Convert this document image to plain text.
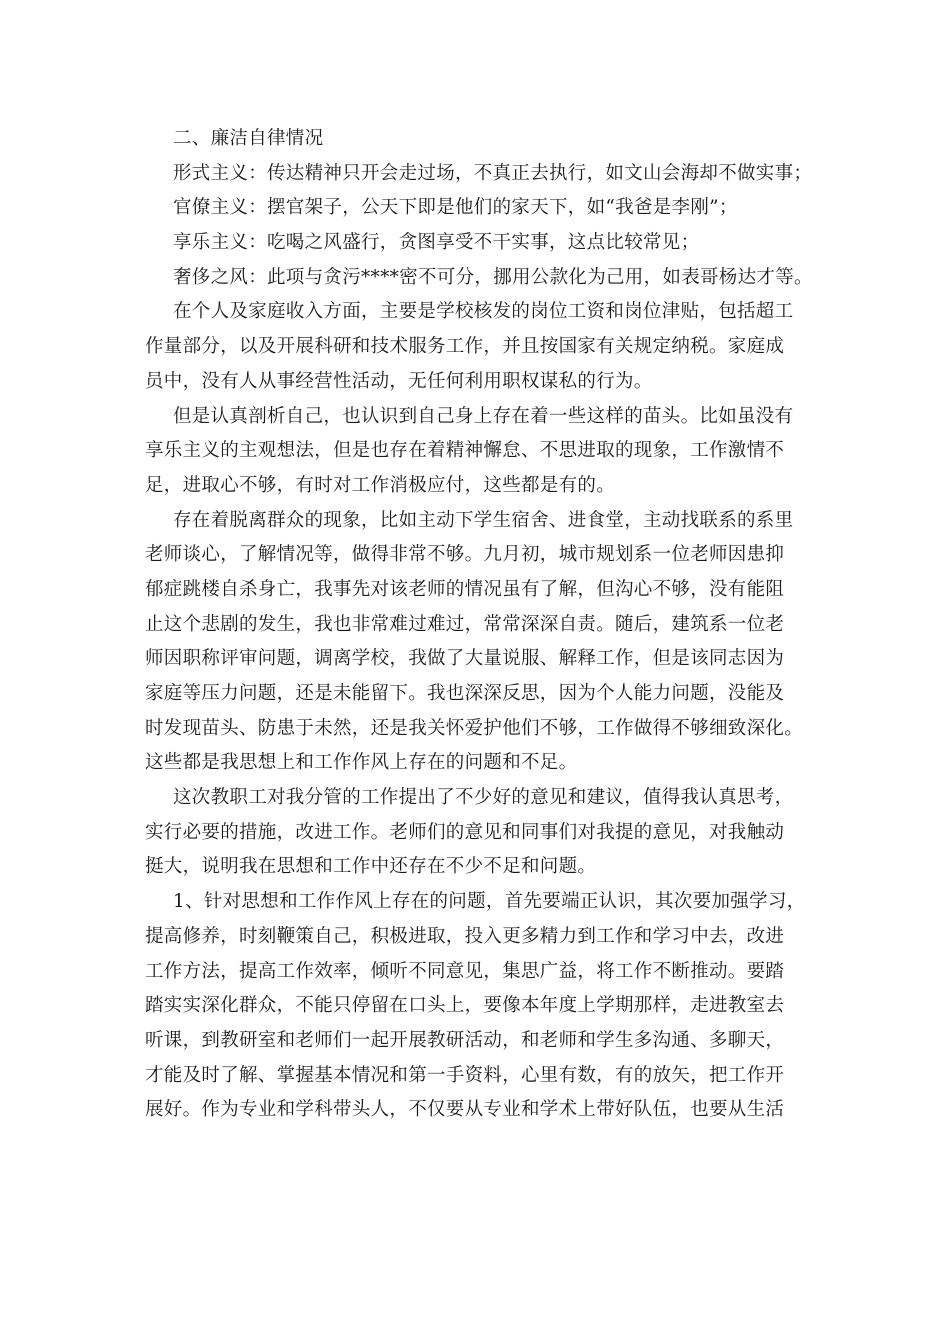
二、廉洁自律情况
形式主义：传达精神只开会走过场，不真正去执行，如文山会海却不做实事；
官僚主义：摆官架子，公天下即是他们的家天下，如“我爸是李刚”；
享乐主义：吃喝之风盛行，贪图享受不干实事，这点比较常见；
奢侈之风：此项与贪污****密不可分，挪用公款化为己用，如表哥杨达才等。
在个人及家庭收入方面，主要是学校核发的岗位工资和岗位津贴，包括超工
作量部分，以及开展科研和技术服务工作，并且按国家有关规定纳税。家庭成
员中，没有人从事经营性活动，无任何利用职权谋私的行为。
但是认真剖析自己，也认识到自己身上存在着一些这样的苗头。比如虽没有
享乐主义的主观想法，但是也存在着精神懈怠、不思进取的现象，工作激情不
足，进取心不够，有时对工作消极应付，这些都是有的。
存在着脱离群众的现象，比如主动下学生宿舍、进食堂，主动找联系的系里
老师谈心，了解情况等，做得非常不够。九月初，城市规划系一位老师因患抑
郁症跳楼自杀身亡，我事先对该老师的情况虽有了解，但沟心不够，没有能阻
止这个悲剧的发生，我也非常难过难过，常常深深自责。随后，建筑系一位老
师因职称评审问题，调离学校，我做了大量说服、解释工作，但是该同志因为
家庭等压力问题，还是未能留下。我也深深反思，因为个人能力问题，没能及
时发现苗头、防患于未然，还是我关怀爱护他们不够，工作做得不够细致深化。
这些都是我思想上和工作作风上存在的问题和不足。
这次教职工对我分管的工作提出了不少好的意见和建议，值得我认真思考，
实行必要的措施，改进工作。老师们的意见和同事们对我提的意见，对我触动
挺大，说明我在思想和工作中还存在不少不足和问题。
1、针对思想和工作作风上存在的问题，首先要端正认识，其次要加强学习，
提高修养，时刻鞭策自己，积极进取，投入更多精力到工作和学习中去，改进
工作方法，提高工作效率，倾听不同意见，集思广益，将工作不断推动。要踏
踏实实深化群众，不能只停留在口头上，要像本年度上学期那样，走进教室去
听课，到教研室和老师们一起开展教研活动，和老师和学生多沟通、多聊天，
才能及时了解、掌握基本情况和第一手资料，心里有数，有的放矢，把工作开
展好。作为专业和学科带头人，不仅要从专业和学术上带好队伍，也要从生活
